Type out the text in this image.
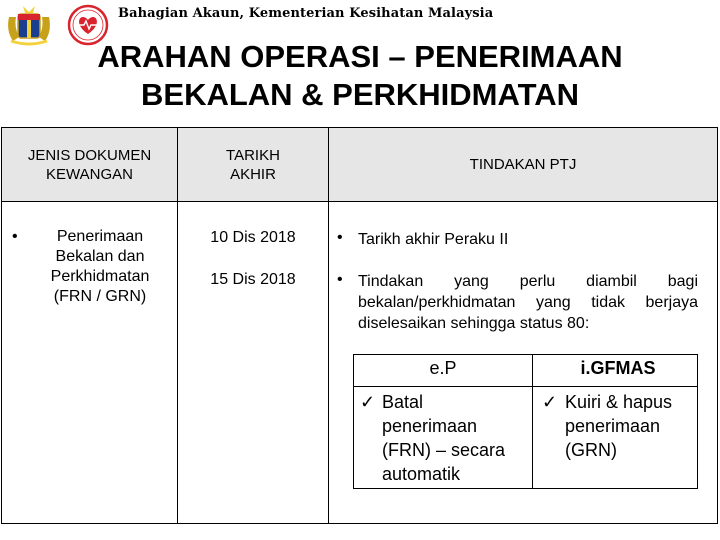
Bahagian Akaun, Kementerian Kesihatan Malaysia
ARAHAN OPERASI – PENERIMAAN
BEKALAN & PERKHIDMATAN
JENIS DOKUMEN
KEWANGAN
TARIKH
AKHIR
TINDAKAN PTJ
•	Penerimaan Bekalan dan Perkhidmatan (FRN / GRN)
10 Dis 2018
15 Dis 2018
• Tarikh akhir Peraku II
• Tindakan yang perlu diambil bagi bekalan/perkhidmatan yang tidak berjaya diselesaikan sehingga status 80:
e.P	i.GFMAS
✓ Batal
penerimaan
(FRN) – secara
automatik
✓ Kuiri & hapus
penerimaan
(GRN)
